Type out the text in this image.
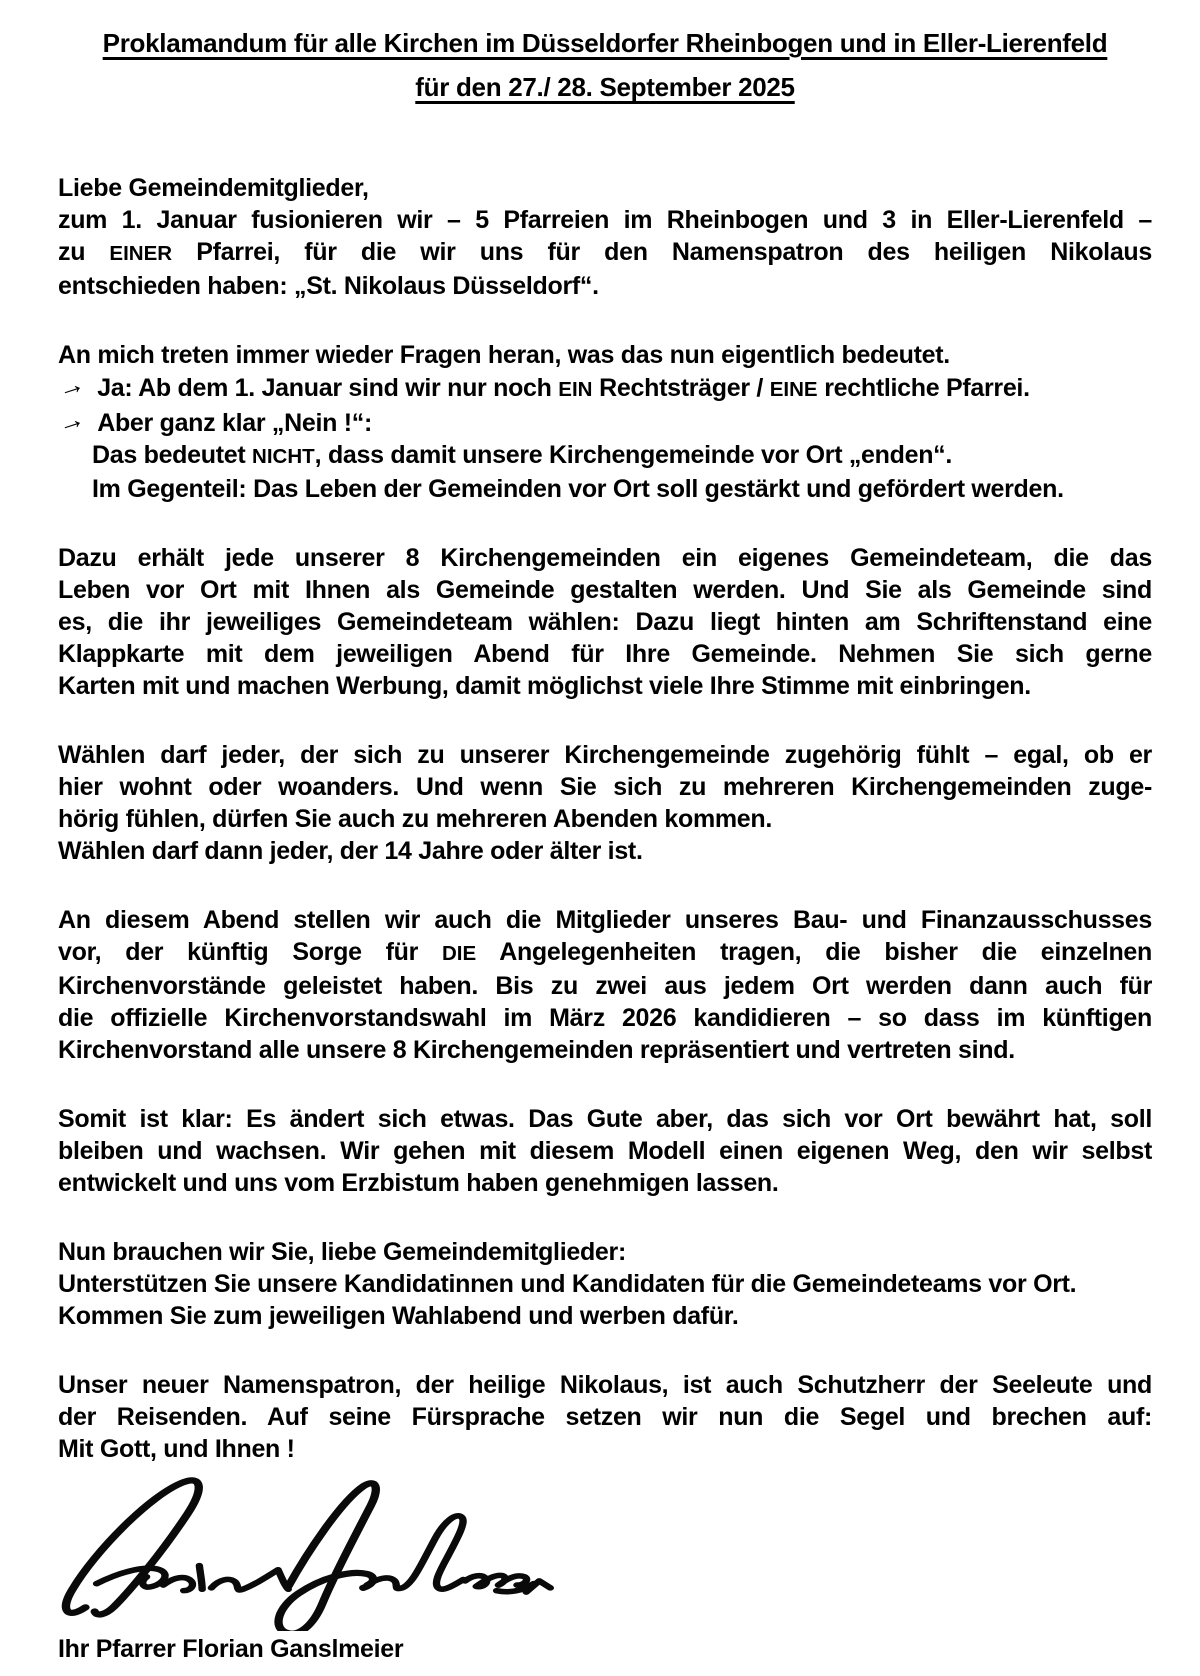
Proklamandum für alle Kirchen im Düsseldorfer Rheinbogen und in Eller-Lierenfeld
für den 27./ 28. September 2025
Liebe Gemeindemitglieder,
zum 1. Januar fusionieren wir – 5 Pfarreien im Rheinbogen und 3 in Eller-Lierenfeld –
zu EINER Pfarrei, für die wir uns für den Namenspatron des heiligen Nikolaus
entschieden haben: „St. Nikolaus Düsseldorf“.
An mich treten immer wieder Fragen heran, was das nun eigentlich bedeutet.
→ Ja: Ab dem 1. Januar sind wir nur noch EIN Rechtsträger / EINE rechtliche Pfarrei.
→ Aber ganz klar „Nein !“:
Das bedeutet NICHT, dass damit unsere Kirchengemeinde vor Ort „enden“.
Im Gegenteil: Das Leben der Gemeinden vor Ort soll gestärkt und gefördert werden.
Dazu erhält jede unserer 8 Kirchengemeinden ein eigenes Gemeindeteam, die das
Leben vor Ort mit Ihnen als Gemeinde gestalten werden. Und Sie als Gemeinde sind
es, die ihr jeweiliges Gemeindeteam wählen: Dazu liegt hinten am Schriftenstand eine
Klappkarte mit dem jeweiligen Abend für Ihre Gemeinde. Nehmen Sie sich gerne
Karten mit und machen Werbung, damit möglichst viele Ihre Stimme mit einbringen.
Wählen darf jeder, der sich zu unserer Kirchengemeinde zugehörig fühlt – egal, ob er
hier wohnt oder woanders. Und wenn Sie sich zu mehreren Kirchengemeinden zuge-
hörig fühlen, dürfen Sie auch zu mehreren Abenden kommen.
Wählen darf dann jeder, der 14 Jahre oder älter ist.
An diesem Abend stellen wir auch die Mitglieder unseres Bau- und Finanzausschusses
vor, der künftig Sorge für DIE Angelegenheiten tragen, die bisher die einzelnen
Kirchenvorstände geleistet haben. Bis zu zwei aus jedem Ort werden dann auch für
die offizielle Kirchenvorstandswahl im März 2026 kandidieren – so dass im künftigen
Kirchenvorstand alle unsere 8 Kirchengemeinden repräsentiert und vertreten sind.
Somit ist klar: Es ändert sich etwas. Das Gute aber, das sich vor Ort bewährt hat, soll
bleiben und wachsen. Wir gehen mit diesem Modell einen eigenen Weg, den wir selbst
entwickelt und uns vom Erzbistum haben genehmigen lassen.
Nun brauchen wir Sie, liebe Gemeindemitglieder:
Unterstützen Sie unsere Kandidatinnen und Kandidaten für die Gemeindeteams vor Ort.
Kommen Sie zum jeweiligen Wahlabend und werben dafür.
Unser neuer Namenspatron, der heilige Nikolaus, ist auch Schutzherr der Seeleute und
der Reisenden. Auf seine Fürsprache setzen wir nun die Segel und brechen auf:
Mit Gott, und Ihnen !
Ihr Pfarrer Florian Ganslmeier
